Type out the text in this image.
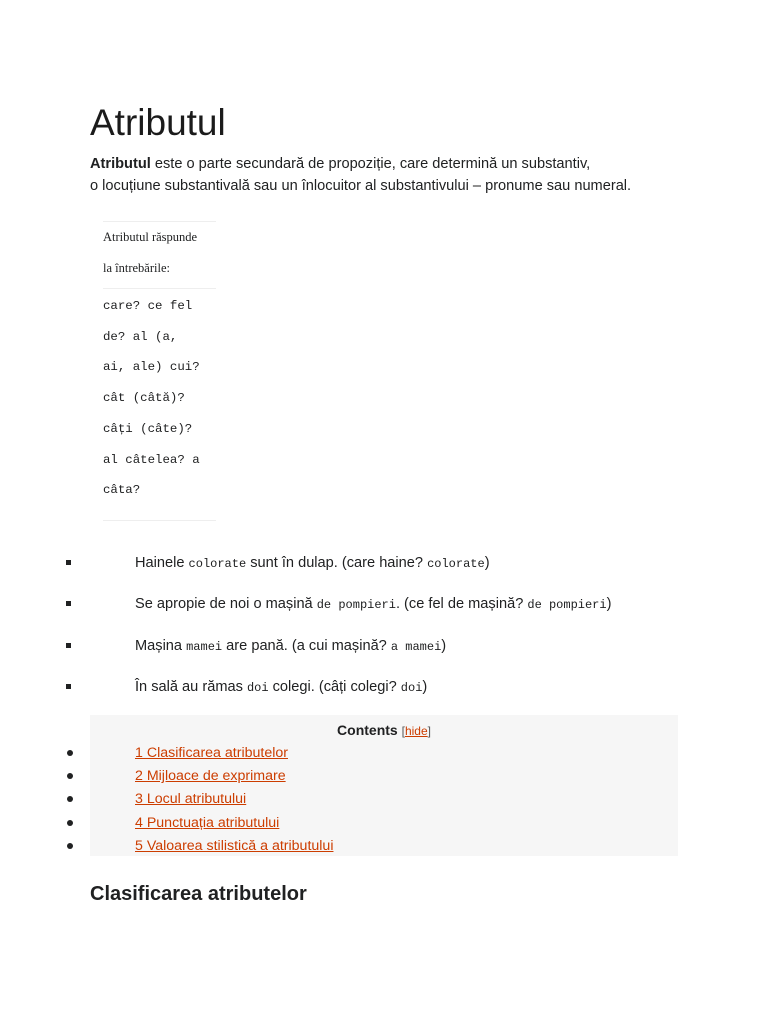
Atributul

Atributul este o parte secundară de propoziție, care determină un substantiv,
o locuțiune substantivală sau un înlocuitor al substantivului – pronume sau numeral.

Atributul răspunde
la întrebările:
care? ce fel
de? al (a,
ai, ale) cui?
cât (câtă)?
câți (câte)?
al câtelea? a
câta?
Hainele colorate sunt în dulap. (care haine? colorate)
Se apropie de noi o mașină de pompieri. (ce fel de mașină? de pompieri)
Mașina mamei are pană. (a cui mașină? a mamei)
În sală au rămas doi colegi. (câți colegi? doi)
Contents [hide]
1 Clasificarea atributelor
2 Mijloace de exprimare
3 Locul atributului
4 Punctuația atributului
5 Valoarea stilistică a atributului
Clasificarea atributelor
